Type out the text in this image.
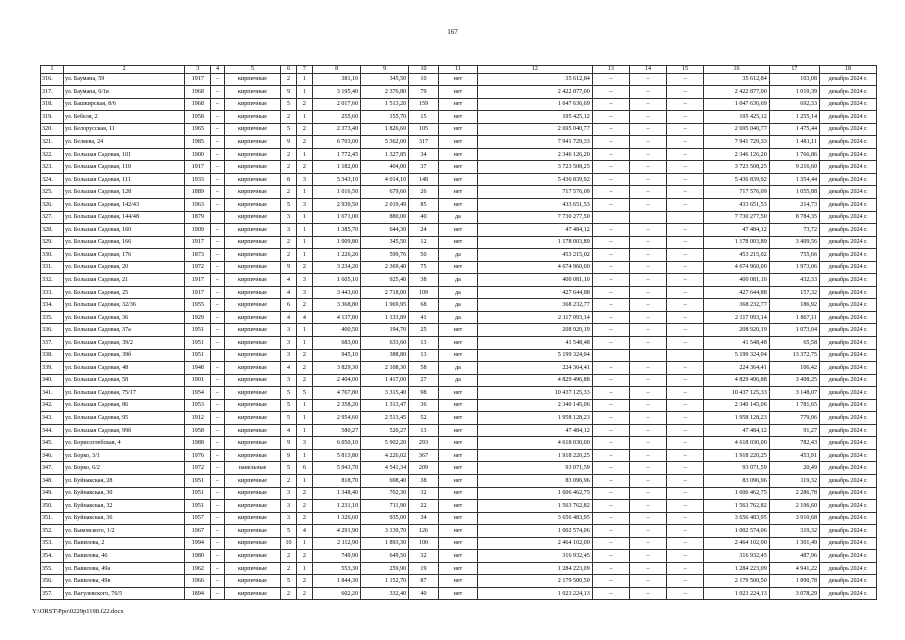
167
1	2	3	4	5	6	7	8	9	10	11	12	13	14	15	16	17	18
316.	ул. Баумана, 59	1917	–	кирпичные	2	1	381,10	345,50	10	нет	35 612,84	–	–	–	35 612,84	103,08	декабрь 2024 г.
317.	ул. Баумана, 6/1в	1968	–	кирпичные	9	1	3 195,40	2 376,80	79	нет	2 422 877,00	–	–	–	2 422 877,00	1 019,39	декабрь 2024 г.
318.	ул. Башкирская, 8/6	1968	–	кирпичные	5	2	2 017,60	1 513,20	159	нет	1 047 636,69	–	–	–	1 047 636,69	692,33	декабрь 2024 г.
319.	ул. Бебеля, 2	1958	–	кирпичные	2	1	255,60	155,70	15	нет	195 425,12	–	–	–	195 425,12	1 255,14	декабрь 2024 г.
320.	ул. Белорусская, 11	1965	–	кирпичные	5	2	2 373,40	1 826,60	105	нет	2 695 040,77	–	–	–	2 695 040,77	1 475,44	декабрь 2024 г.
321.	ул. Беляева, 24	1985	–	кирпичные	9	2	6 703,00	5 362,00	317	нет	7 941 729,33	–	–	–	7 941 729,33	1 481,11	декабрь 2024 г.
322.	ул. Большая Садовая, 101	1900	–	кирпичные	2	1	1 772,45	1 327,85	34	нет	2 346 126,20	–	–	–	2 346 126,20	1 766,86	декабрь 2024 г.
323.	ул. Большая Садовая, 110	1917	–	кирпичные	2	2	1 182,00	404,00	37	нет	3 723 508,25	–	–	–	3 723 508,25	9 216,60	декабрь 2024 г.
324.	ул. Большая Садовая, 111	1933	–	кирпичные	8	3	5 343,10	4 014,10	148	нет	5 436 839,92	–	–	–	5 436 839,92	1 354,44	декабрь 2024 г.
325.	ул. Большая Садовая, 128	1889	–	кирпичные	2	1	1 016,50	679,60	26	нет	717 576,09	–	–	–	717 576,09	1 055,88	декабрь 2024 г.
326.	ул. Большая Садовая, 142/43	1963	–	кирпичные	5	3	2 930,50	2 019,49	85	нет	433 651,53	–	–	–	433 651,53	214,73	декабрь 2024 г.
327.	ул. Большая Садовая, 144/48	1879		кирпичные	3	1	1 671,00	880,00	40	да	7 730 277,50				7 730 277,50	8 784,35	декабрь 2024 г.
328.	ул. Большая Садовая, 160	1909	–	кирпичные	3	1	1 385,70	644,30	24	нет	47 484,12	–	–	–	47 484,12	73,72	декабрь 2024 г.
329.	ул. Большая Садовая, 166	1917	–	кирпичные	2	1	1 009,80	345,50	12	нет	1 178 003,89	–	–	–	1 178 003,89	3 409,56	декабрь 2024 г.
330.	ул. Большая Садовая, 176	1873	–	кирпичные	2	1	1 226,20	599,76	50	да	453 215,02	–	–	–	453 215,02	755,66	декабрь 2024 г.
331.	ул. Большая Садовая, 20	1972	–	кирпичные	9	2	3 234,20	2 369,40	75	нет	4 674 960,00	–	–	–	4 674 960,00	1 973,06	декабрь 2024 г.
332.	ул. Большая Садовая, 21	1917	–	кирпичные	4	3	1 605,10	925,40	38	да	400 081,10	–	–	–	400 081,10	432,33	декабрь 2024 г.
333.	ул. Большая Садовая, 25	1917	–	кирпичные	4	3	3 443,60	2 718,00	109	да	427 644,88	–	–	–	427 644,88	157,32	декабрь 2024 г.
334.	ул. Большая Садовая, 32/36	1955	–	кирпичные	6	2	3 368,80	1 969,95	68	да	368 232,77	–	–	–	368 232,77	186,92	декабрь 2024 г.
335.	ул. Большая Садовая, 36	1929	–	кирпичные	4	4	4 137,80	1 133,89	41	да	2 117 093,14	–	–	–	2 117 093,14	1 867,11	декабрь 2024 г.
336.	ул. Большая Садовая, 37а	1951	–	кирпичные	3	1	400,50	194,70	25	нет	208 920,19	–	–	–	208 920,19	1 073,04	декабрь 2024 г.
337.	ул. Большая Садовая, 39/2	1951	–	кирпичные	3	1	683,00	633,60	13	нет	41 548,48	–	–	–	41 548,48	65,58	декабрь 2024 г.
338.	ул. Большая Садовая, 39б	1951		кирпичные	3	2	945,10	388,80	13	нет	5 199 324,04				5 199 324,04	13 372,75	декабрь 2024 г.
339.	ул. Большая Садовая, 48	1948	–	кирпичные	4	2	3 829,30	2 108,30	58	да	224 364,41	–	–	–	224 364,41	106,42	декабрь 2024 г.
340.	ул. Большая Садовая, 58	1901	–	кирпичные	3	2	2 404,00	1 417,00	27	да	4 829 496,88	–	–	–	4 829 496,88	3 408,25	декабрь 2024 г.
341.	ул. Большая Садовая, 75/17	1954	–	кирпичные	5	5	4 767,80	3 315,40	98	нет	10 437 125,33	–	–	–	10 437 125,33	3 148,07	декабрь 2024 г.
342.	ул. Большая Садовая, 86	1953	–	кирпичные	5	1	2 358,20	1 313,47	36	нет	2 340 145,06	–	–	–	2 340 145,06	1 781,65	декабрь 2024 г.
343.	ул. Большая Садовая, 95	1912	–	кирпичные	5	1	2 954,60	2 513,45	52	нет	1 958 128,23	–	–	–	1 958 128,23	779,06	декабрь 2024 г.
344.	ул. Большая Садовая, 99б	1958	–	кирпичные	4	1	580,27	520,27	13	нет	47 484,12	–	–	–	47 484,12	91,27	декабрь 2024 г.
345.	ул. Борисоглебская, 4	1988	–	кирпичные	9	3	6 050,10	5 902,20	293	нет	4 618 030,00	–	–	–	4 618 030,00	782,43	декабрь 2024 г.
346.	ул. Борко, 3/1	1976	–	кирпичные	9	1	5 813,80	4 226,02	367	нет	1 918 220,25	–	–	–	1 918 220,25	453,91	декабрь 2024 г.
347.	ул. Борко, 6/2	1972	–	панельные	5	6	5 943,70	4 541,34	209	нет	93 071,59	–	–	–	93 071,59	20,49	декабрь 2024 г.
348.	ул. Буйнакская, 28	1951	–	кирпичные	2	1	818,70	698,40	38	нет	83 096,96	–	–	–	83 096,96	119,32	декабрь 2024 г.
349.	ул. Буйнакская, 30	1951	–	кирпичные	3	2	1 348,40	702,30	32	нет	1 606 462,75	–	–	–	1 606 462,75	2 286,78	декабрь 2024 г.
350.	ул. Буйнакская, 32	1951	–	кирпичные	3	2	1 231,10	711,90	22	нет	1 563 762,82	–	–	–	1 563 762,82	2 196,60	декабрь 2024 г.
351.	ул. Буйнакская, 36	1957	–	кирпичные	3	2	1 326,60	935,00	34	нет	3 656 483,95	–	–	–	3 656 483,95	3 910,68	декабрь 2024 г.
352.	ул. Быковского, 1/2	1967	–	кирпичные	5	4	4 291,90	3 139,70	126	нет	1 002 574,06	–	–	–	1 002 574,06	319,32	декабрь 2024 г.
353.	ул. Вавилова, 2	1994	–	кирпичные	10	1	2 112,90	1 893,30	100	нет	2 464 102,00	–	–	–	2 464 102,00	1 301,49	декабрь 2024 г.
354.	ул. Вавилова, 46	1980	–	кирпичные	2	2	749,90	649,50	32	нет	316 932,45	–	–	–	316 932,45	487,96	декабрь 2024 г.
355.	ул. Вавилова, 49а	1962	–	кирпичные	2	1	553,30	259,90	19	нет	1 284 223,09	–	–	–	1 284 223,09	4 941,22	декабрь 2024 г.
356.	ул. Вавилова, 49в	1966	–	кирпичные	5	2	1 844,30	1 152,70	87	нет	2 179 500,50	–	–	–	2 179 500,50	1 890,78	декабрь 2024 г.
357.	ул. Вагулевского, 76/5	1894	–	кирпичные	2	2	602,20	332,40	40	нет	1 023 224,13	–	–	–	1 023 224,13	3 078,29	декабрь 2024 г.
Y:\ORST\Ppo\0229p1198.f22.docx
